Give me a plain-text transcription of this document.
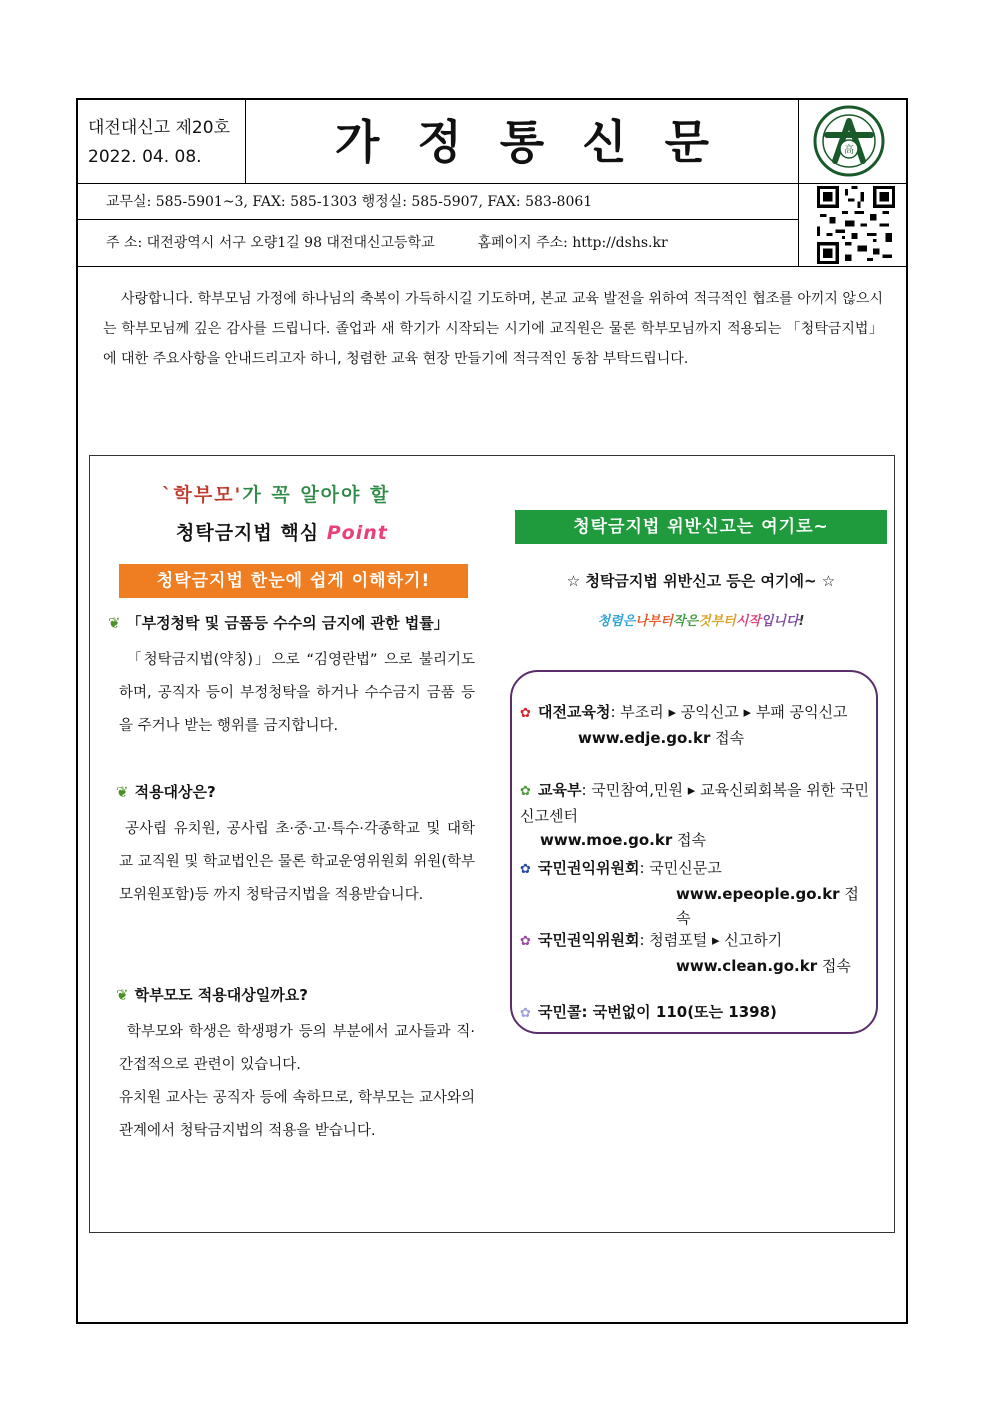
대전대신고 제20호
2022. 04. 08.	가정통신문	高
교무실: 585-5901~3, FAX: 585-1303 행정실: 585-5907, FAX: 583-8061
주 소: 대전광역시 서구 오량1길 98 대전대신고등학교	홈페이지 주소: http://dshs.kr

사랑합니다. 학부모님 가정에 하나님의 축복이 가득하시길 기도하며, 본교 교육 발전을 위하여 적극적인 협조를 아끼지 않으시는 학부모님께 깊은 감사를 드립니다. 졸업과 새 학기가 시작되는 시기에 교직원은 물론 학부모님까지 적용되는 「청탁금지법」에 대한 주요사항을 안내드리고자 하니, 청렴한 교육 현장 만들기에 적극적인 동참 부탁드립니다.

`학부모'가 꼭 알아야 할
청탁금지법 핵심 Point
청탁금지법 한눈에 쉽게 이해하기!
❦ 「부정청탁 및 금품등 수수의 금지에 관한 법률」
「청탁금지법(약칭)」으로 “김영란법” 으로 불리기도 하며, 공직자 등이 부정청탁을 하거나 수수금지 금품 등을 주거나 받는 행위를 금지합니다.
❦ 적용대상은?
공사립 유치원, 공사립 초·중·고·특수·각종학교 및 대학교 교직원 및 학교법인은 물론 학교운영위원회 위원(학부모위원포함)등 까지 청탁금지법을 적용받습니다.
❦ 학부모도 적용대상일까요?
학부모와 학생은 학생평가 등의 부분에서 교사들과 직·간접적으로 관련이 있습니다.
유치원 교사는 공직자 등에 속하므로, 학부모는 교사와의 관계에서 청탁금지법의 적용을 받습니다.
청탁금지법 위반신고는 여기로~
☆ 청탁금지법 위반신고 등은 여기에~ ☆
청렴은나부터작은것부터시작입니다!
✿ 대전교육청: 부조리 ▸ 공익신고 ▸ 부패 공익신고
www.edje.go.kr 접속
✿ 교육부: 국민참여,민원 ▸ 교육신뢰회복을 위한 국민신고센터
www.moe.go.kr 접속
✿ 국민권익위원회: 국민신문고
www.epeople.go.kr 접속
✿ 국민권익위원회: 청렴포털 ▸ 신고하기
www.clean.go.kr 접속
✿ 국민콜: 국번없이 110(또는 1398)
